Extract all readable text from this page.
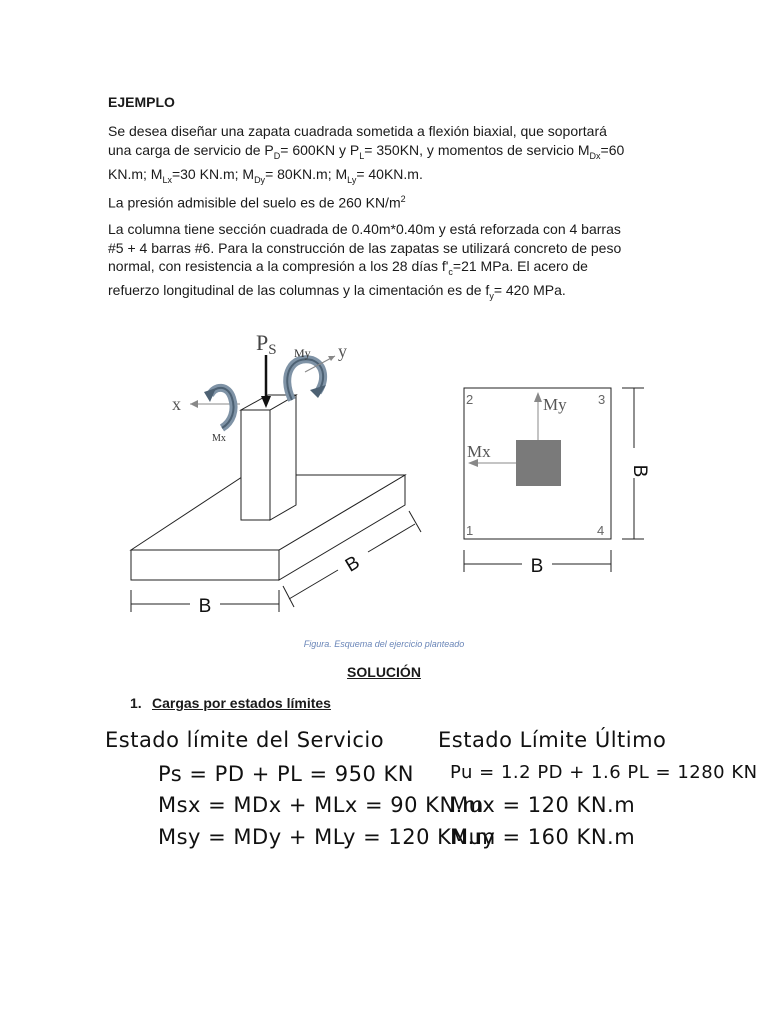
EJEMPLO
Se desea diseñar una zapata cuadrada sometida a flexión biaxial, que soportará
una carga de servicio de $P_D= 600KN$ y $P_L= 350KN$, y momentos de servicio $M_{Dx}=60$
KN.m; $M_{Lx}=30$ KN.m; $M_{Dy}= 80KN.m$; $M_{Ly}= 40KN.m$.
La presión admisible del suelo es de 260 $KN/m^2$
La columna tiene sección cuadrada de 0.40m*0.40m y está reforzada con 4 barras
#5 + 4 barras #6. Para la construcción de las zapatas se utilizará concreto de peso
normal, con resistencia a la compresión a los 28 días $f'_c=21$ MPa. El acero de
refuerzo longitudinal de las columnas y la cimentación es de $f_y= 420$ MPa.
PS My y
x
Mx
B
B
My
Mx
2	3
1	4
B
B
Figura. Esquema del ejercicio planteado
SOLUCIÓN
1. Cargas por estados límites
Estado límite del Servicio
Ps = PD + PL = 950 KN
Msx = MDx + MLx = 90 KN.m
Msy = MDy + MLy = 120 KN.m
Estado Límite Último
Pu = 1.2 PD + 1.6 PL = 1280 KN
Mux = 120 KN.m
Muy = 160 KN.m
